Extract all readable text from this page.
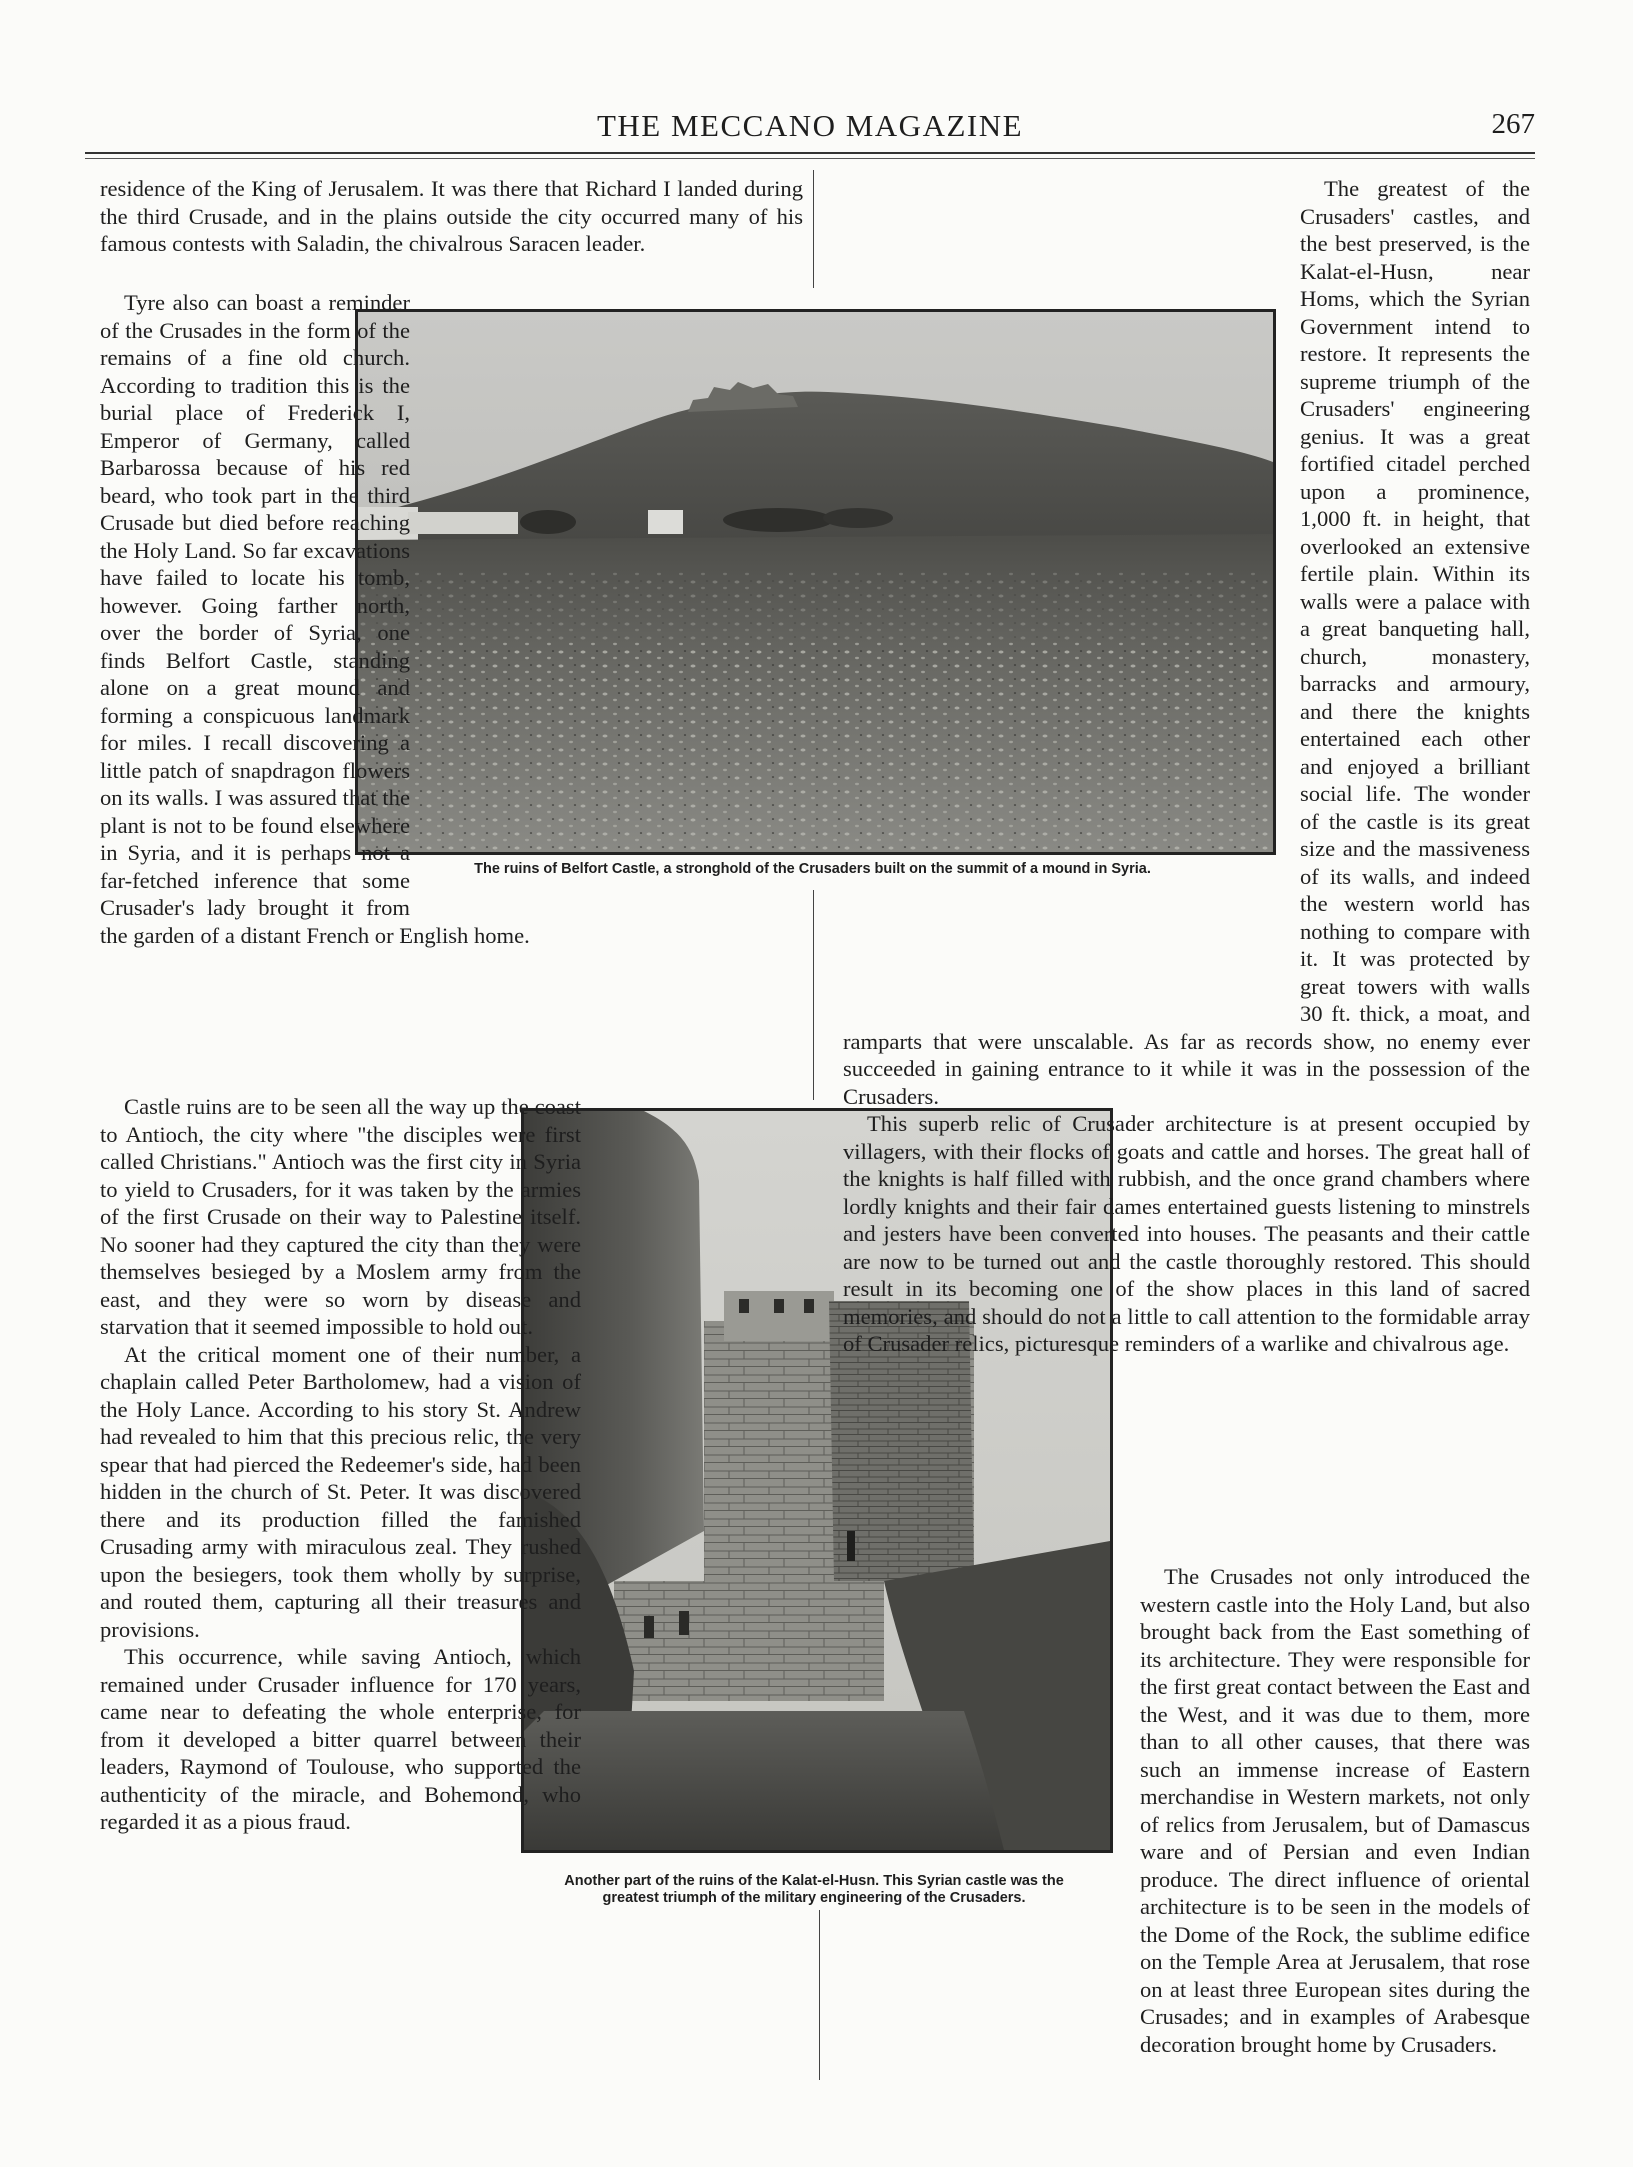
THE MECCANO MAGAZINE	267
The ruins of Belfort Castle, a stronghold of the Crusaders built on the summit of a mound in Syria.
Another part of the ruins of the Kalat-el-Husn. This Syrian castle was the
greatest triumph of the military engineering of the Crusaders.

residence of the King of Jerusalem. It was there that Richard I landed during the third Crusade, and in the plains outside the city occurred many of his famous contests with Saladin, the chivalrous Saracen leader.

Tyre also can boast a reminder of the Crusades in the form of the remains of a fine old church. According to tradition this is the burial place of Frederick I, Emperor of Germany, called Barbarossa because of his red beard, who took part in the third Crusade but died before reaching the Holy Land. So far excavations have failed to locate his tomb, however. Going farther north, over the border of Syria, one finds Belfort Castle, standing alone on a great mound and forming a conspicuous landmark for miles. I recall discovering a little patch of snapdragon flowers on its walls. I was assured that the plant is not to be found elsewhere in Syria, and it is perhaps not a far-fetched inference that some Crusader's lady brought it from the garden of a distant French or English home.

Castle ruins are to be seen all the way up the coast to Antioch, the city where "the disciples were first called Christians." Antioch was the first city in Syria to yield to Crusaders, for it was taken by the armies of the first Crusade on their way to Palestine itself. No sooner had they captured the city than they were themselves besieged by a Moslem army from the east, and they were so worn by disease and starvation that it seemed impossible to hold out.

At the critical moment one of their number, a chaplain called Peter Bartholomew, had a vision of the Holy Lance. According to his story St. Andrew had revealed to him that this precious relic, the very spear that had pierced the Redeemer's side, had been hidden in the church of St. Peter. It was discovered there and its production filled the famished Crusading army with miraculous zeal. They rushed upon the besiegers, took them wholly by surprise, and routed them, capturing all their treasures and provisions.

This occurrence, while saving Antioch, which remained under Crusader influence for 170 years, came near to defeating the whole enterprise, for from it developed a bitter quarrel between their leaders, Raymond of Toulouse, who supported the authenticity of the miracle, and Bohemond, who regarded it as a pious fraud.

The greatest of the Crusaders' castles, and the best preserved, is the Kalat-el-Husn, near Homs, which the Syrian Government intend to restore. It represents the supreme triumph of the Crusaders' engineering genius. It was a great fortified citadel perched upon a prominence, 1,000 ft. in height, that overlooked an extensive fertile plain. Within its walls were a palace with a great banqueting hall, church, monastery, barracks and armoury, and there the knights entertained each other and enjoyed a brilliant social life. The wonder of the castle is its great size and the massiveness of its walls, and indeed the western world has nothing to compare with it. It was protected by great towers with walls 30 ft. thick, a moat, and ramparts that were unscalable. As far as records show, no enemy ever succeeded in gaining entrance to it while it was in the possession of the Crusaders.

This superb relic of Crusader architecture is at present occupied by villagers, with their flocks of goats and cattle and horses. The great hall of the knights is half filled with rubbish, and the once grand chambers where lordly knights and their fair dames entertained guests listening to minstrels and jesters have been converted into houses. The peasants and their cattle are now to be turned out and the castle thoroughly restored. This should result in its becoming one of the show places in this land of sacred memories, and should do not a little to call attention to the formidable array of Crusader relics, picturesque reminders of a warlike and chivalrous age.

The Crusades not only introduced the western castle into the Holy Land, but also brought back from the East something of its architecture. They were responsible for the first great contact between the East and the West, and it was due to them, more than to all other causes, that there was such an immense increase of Eastern merchandise in Western markets, not only of relics from Jerusalem, but of Damascus ware and of Persian and even Indian produce. The direct influence of oriental architecture is to be seen in the models of the Dome of the Rock, the sublime edifice on the Temple Area at Jerusalem, that rose on at least three European sites during the Crusades; and in examples of Arabesque decoration brought home by Crusaders.
